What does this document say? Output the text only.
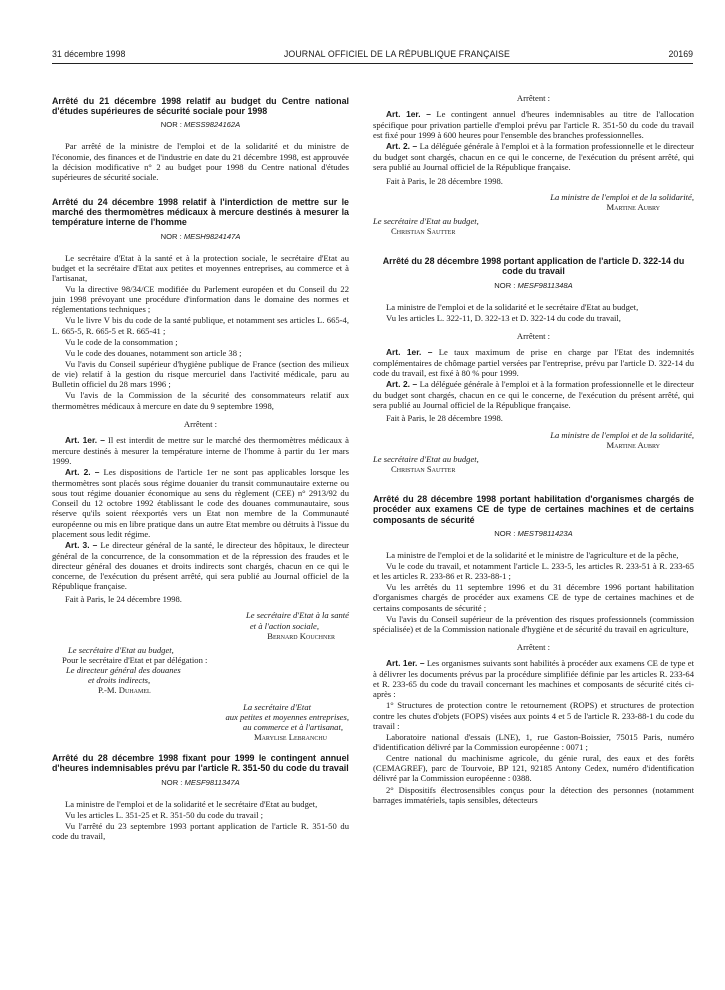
31 décembre 1998	JOURNAL OFFICIEL DE LA RÉPUBLIQUE FRANÇAISE	20169
Arrêté du 21 décembre 1998 relatif au budget du Centre national d'études supérieures de sécurité sociale pour 1998
NOR : MESS9824162A

Par arrêté de la ministre de l'emploi et de la solidarité et du ministre de l'économie, des finances et de l'industrie en date du 21 décembre 1998, est approuvée la décision modificative n° 2 au budget pour 1998 du Centre national d'études supérieures de sécurité sociale.

Arrêté du 24 décembre 1998 relatif à l'interdiction de mettre sur le marché des thermomètres médicaux à mercure destinés à mesurer la température interne de l'homme
NOR : MESH9824147A

Le secrétaire d'Etat à la santé et à la protection sociale, le secrétaire d'Etat au budget et la secrétaire d'Etat aux petites et moyennes entreprises, au commerce et à l'artisanat,

Vu la directive 98/34/CE modifiée du Parlement européen et du Conseil du 22 juin 1998 prévoyant une procédure d'information dans le domaine des normes et réglementations techniques ;

Vu le livre V bis du code de la santé publique, et notamment ses articles L. 665-4, L. 665-5, R. 665-5 et R. 665-41 ;

Vu le code de la consommation ;

Vu le code des douanes, notamment son article 38 ;

Vu l'avis du Conseil supérieur d'hygiène publique de France (section des milieux de vie) relatif à la gestion du risque mercuriel dans l'activité médicale, paru au Bulletin officiel du 28 mars 1996 ;

Vu l'avis de la Commission de la sécurité des consommateurs relatif aux thermomètres médicaux à mercure en date du 9 septembre 1998,

Arrêtent :

Art. 1er. – Il est interdit de mettre sur le marché des thermomètres médicaux à mercure destinés à mesurer la température interne de l'homme à partir du 1er mars 1999.

Art. 2. – Les dispositions de l'article 1er ne sont pas applicables lorsque les thermomètres sont placés sous régime douanier du transit communautaire externe ou sous tout régime douanier économique au sens du règlement (CEE) n° 2913/92 du Conseil du 12 octobre 1992 établissant le code des douanes communautaire, sous réserve qu'ils soient réexportés vers un Etat non membre de la Communauté européenne ou mis en libre pratique dans un autre Etat membre ou détruits à l'issue du placement sous ledit régime.

Art. 3. – Le directeur général de la santé, le directeur des hôpitaux, le directeur général de la concurrence, de la consommation et de la répression des fraudes et le directeur général des douanes et droits indirects sont chargés, chacun en ce qui le concerne, de l'exécution du présent arrêté, qui sera publié au Journal officiel de la République française.

Fait à Paris, le 24 décembre 1998.

Le secrétaire d'Etat à la santé
et à l'action sociale,
Bernard Kouchner
Le secrétaire d'Etat au budget,
Pour le secrétaire d'Etat et par délégation :
Le directeur général des douanes
et droits indirects,
P.-M. Duhamel
La secrétaire d'Etat
aux petites et moyennes entreprises,
au commerce et à l'artisanat,
Marylise Lebranchu
Arrêté du 28 décembre 1998 fixant pour 1999 le contingent annuel d'heures indemnisables prévu par l'article R. 351-50 du code du travail
NOR : MESF9811347A

La ministre de l'emploi et de la solidarité et le secrétaire d'Etat au budget,

Vu les articles L. 351-25 et R. 351-50 du code du travail ;

Vu l'arrêté du 23 septembre 1993 portant application de l'article R. 351-50 du code du travail,

Arrêtent :

Art. 1er. – Le contingent annuel d'heures indemnisables au titre de l'allocation spécifique pour privation partielle d'emploi prévu par l'article R. 351-50 du code du travail est fixé pour 1999 à 600 heures pour l'ensemble des branches professionnelles.

Art. 2. – La déléguée générale à l'emploi et à la formation professionnelle et le directeur du budget sont chargés, chacun en ce qui le concerne, de l'exécution du présent arrêté, qui sera publié au Journal officiel de la République française.

Fait à Paris, le 28 décembre 1998.

La ministre de l'emploi et de la solidarité,
Martine Aubry
Le secrétaire d'Etat au budget,
Christian Sautter
Arrêté du 28 décembre 1998 portant application de l'article D. 322-14 du code du travail
NOR : MESF9811348A

La ministre de l'emploi et de la solidarité et le secrétaire d'Etat au budget,

Vu les articles L. 322-11, D. 322-13 et D. 322-14 du code du travail,

Arrêtent :

Art. 1er. – Le taux maximum de prise en charge par l'Etat des indemnités complémentaires de chômage partiel versées par l'entreprise, prévu par l'article D. 322-14 du code du travail, est fixé à 80 % pour 1999.

Art. 2. – La déléguée générale à l'emploi et à la formation professionnelle et le directeur du budget sont chargés, chacun en ce qui le concerne, de l'exécution du présent arrêté, qui sera publié au Journal officiel de la République française.

Fait à Paris, le 28 décembre 1998.

La ministre de l'emploi et de la solidarité,
Martine Aubry
Le secrétaire d'Etat au budget,
Christian Sautter
Arrêté du 28 décembre 1998 portant habilitation d'organismes chargés de procéder aux examens CE de type de certaines machines et de certains composants de sécurité
NOR : MEST9811423A

La ministre de l'emploi et de la solidarité et le ministre de l'agriculture et de la pêche,

Vu le code du travail, et notamment l'article L. 233-5, les articles R. 233-51 à R. 233-65 et les articles R. 233-86 et R. 233-88-1 ;

Vu les arrêtés du 11 septembre 1996 et du 31 décembre 1996 portant habilitation d'organismes chargés de procéder aux examens CE de type de certaines machines et de certains composants de sécurité ;

Vu l'avis du Conseil supérieur de la prévention des risques professionnels (commission spécialisée) et de la Commission nationale d'hygiène et de sécurité du travail en agriculture,

Arrêtent :

Art. 1er. – Les organismes suivants sont habilités à procéder aux examens CE de type et à délivrer les documents prévus par la procédure simplifiée définie par les articles R. 233-64 et R. 233-65 du code du travail concernant les machines et composants de sécurité cités ci-après :

1° Structures de protection contre le retournement (ROPS) et structures de protection contre les chutes d'objets (FOPS) visées aux points 4 et 5 de l'article R. 233-88-1 du code du travail :

Laboratoire national d'essais (LNE), 1, rue Gaston-Boissier, 75015 Paris, numéro d'identification délivré par la Commission européenne : 0071 ;

Centre national du machinisme agricole, du génie rural, des eaux et des forêts (CEMAGREF), parc de Tourvoie, BP 121, 92185 Antony Cedex, numéro d'identification délivré par la Commission européenne : 0388.

2° Dispositifs électrosensibles conçus pour la détection des personnes (notamment barrages immatériels, tapis sensibles, détecteurs
